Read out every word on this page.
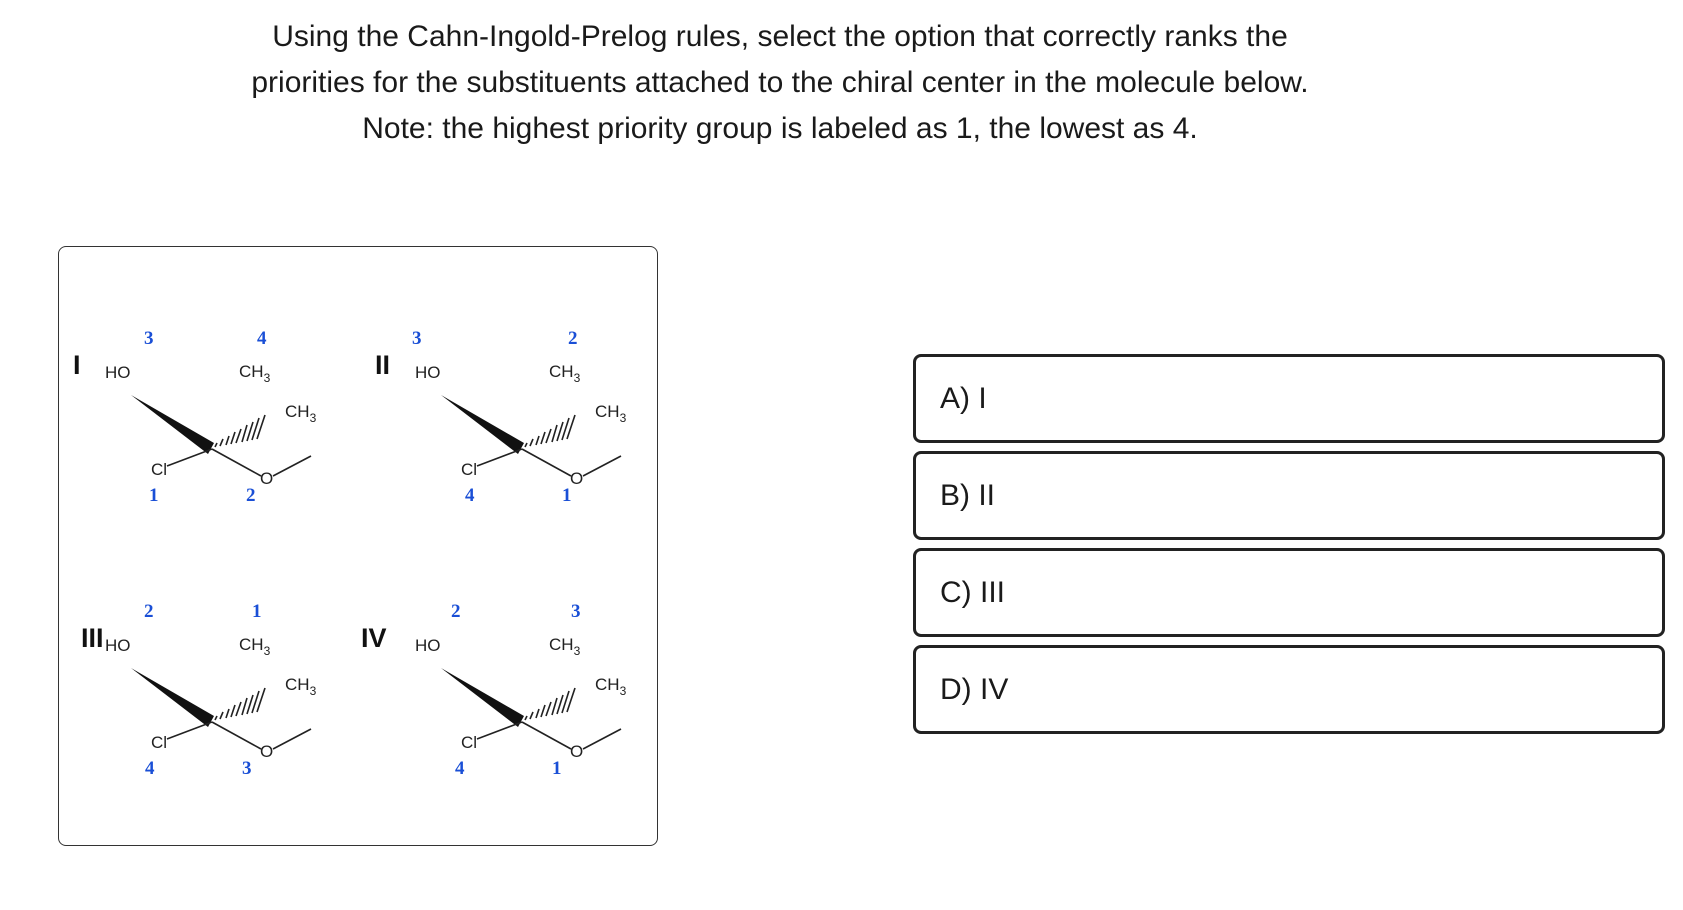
Using the Cahn-Ingold-Prelog rules, select the option that correctly ranks the
priorities for the substituents attached to the chiral center in the molecule below.
Note: the highest priority group is labeled as 1, the lowest as 4.
I HO	$CH_3$
$CH_3$
Cl	O
3	4
1	2
II HO	$CH_3$
$CH_3$
Cl	O
3	2
4	1
III HO	$CH_3$
$CH_3$
Cl	O
2	1
4	3
IV HO	$CH_3$
$CH_3$
Cl	O
2	3
4	1
A) I
B) II
C) III
D) IV
